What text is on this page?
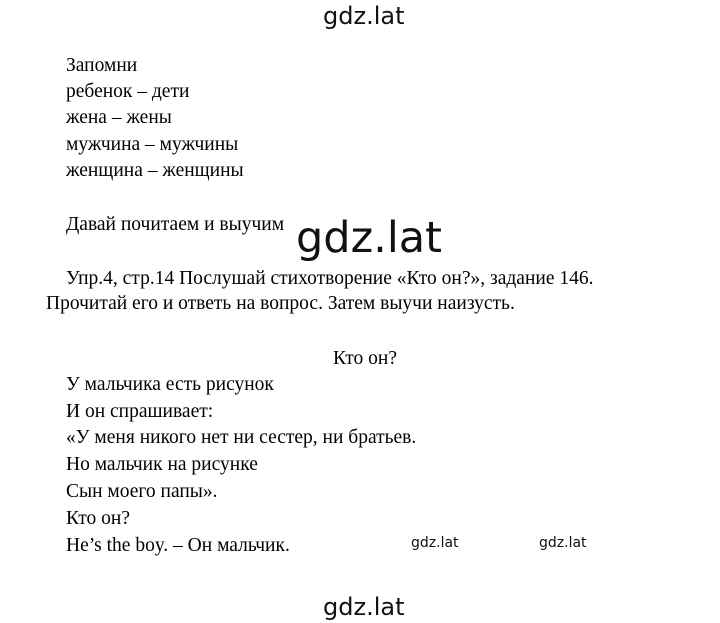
gdz.lat
Запомни
ребенок – дети
жена – жены
мужчина – мужчины
женщина – женщины
Давай почитаем и выучим gdz.lat
Упр.4, стр.14 Послушай стихотворение «Кто он?», задание 146.
Прочитай его и ответь на вопрос. Затем выучи наизусть.
Кто он?
У мальчика есть рисунок
И он спрашивает:
«У меня никого нет ни сестер, ни братьев.
Но мальчик на рисунке
Сын моего папы».
Кто он?
He’s the boy. – Он мальчик.	gdz.lat	gdz.lat
gdz.lat
